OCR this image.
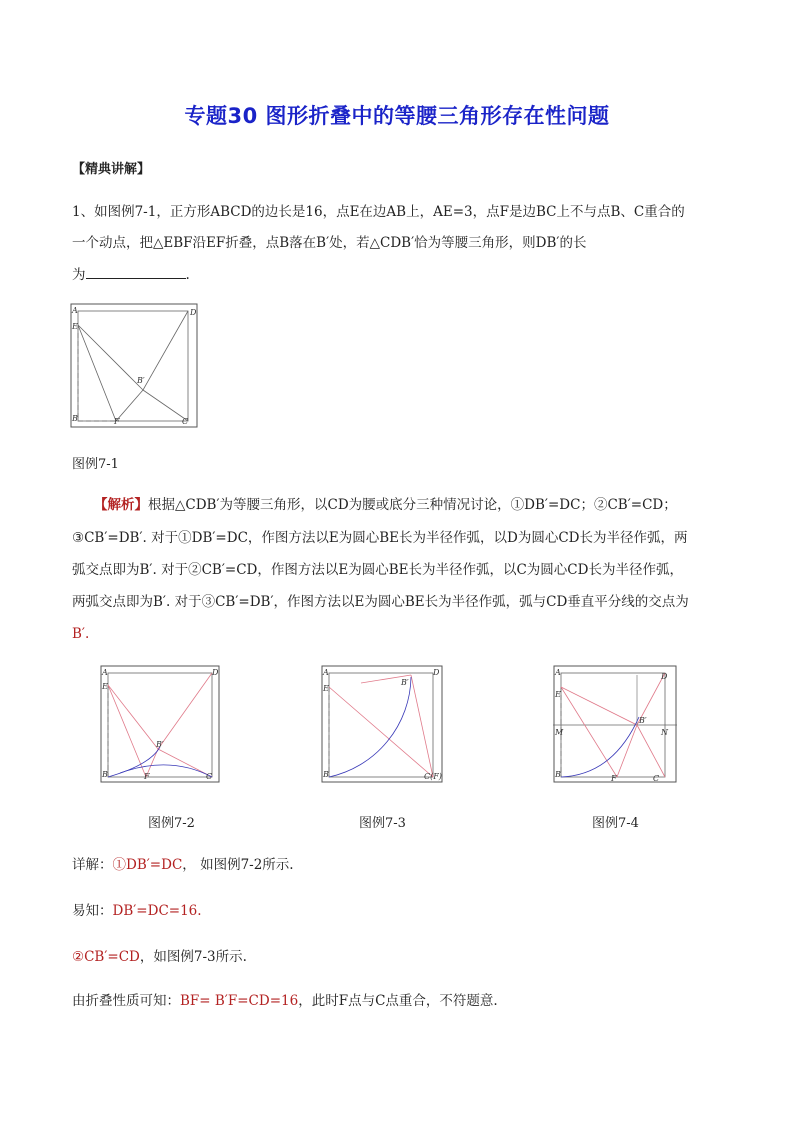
专题30 图形折叠中的等腰三角形存在性问题
【精典讲解】
1、如图例7-1，正方形ABCD的边长是16，点E在边AB上，AE=3，点F是边BC上不与点B、C重合的
一个动点，把△EBF沿EF折叠，点B落在B′处，若△CDB′恰为等腰三角形，则DB′的长
为	.
A	D
E
B	C
F
B′
图例7-1
【解析】根据△CDB′为等腰三角形，以CD为腰或底分三种情况讨论，①DB′=DC；②CB′=CD；
③CB′=DB′. 对于①DB′=DC，作图方法以E为圆心BE长为半径作弧，以D为圆心CD长为半径作弧，两
弧交点即为B′. 对于②CB′=CD，作图方法以E为圆心BE长为半径作弧，以C为圆心CD长为半径作弧，
两弧交点即为B′. 对于③CB′=DB′，作图方法以E为圆心BE长为半径作弧，弧与CD垂直平分线的交点为
B′.
A	D
E
B	C
F
B′
图例7-2
A	D
E
B	C(F)
B′
图例7-3
A	D
E
M	N
B	C
F
B′
图例7-4
详解：①DB′=DC， 如图例7-2所示.
易知：DB′=DC=16.
②CB′=CD，如图例7-3所示.
由折叠性质可知：BF= B′F=CD=16，此时F点与C点重合，不符题意.
